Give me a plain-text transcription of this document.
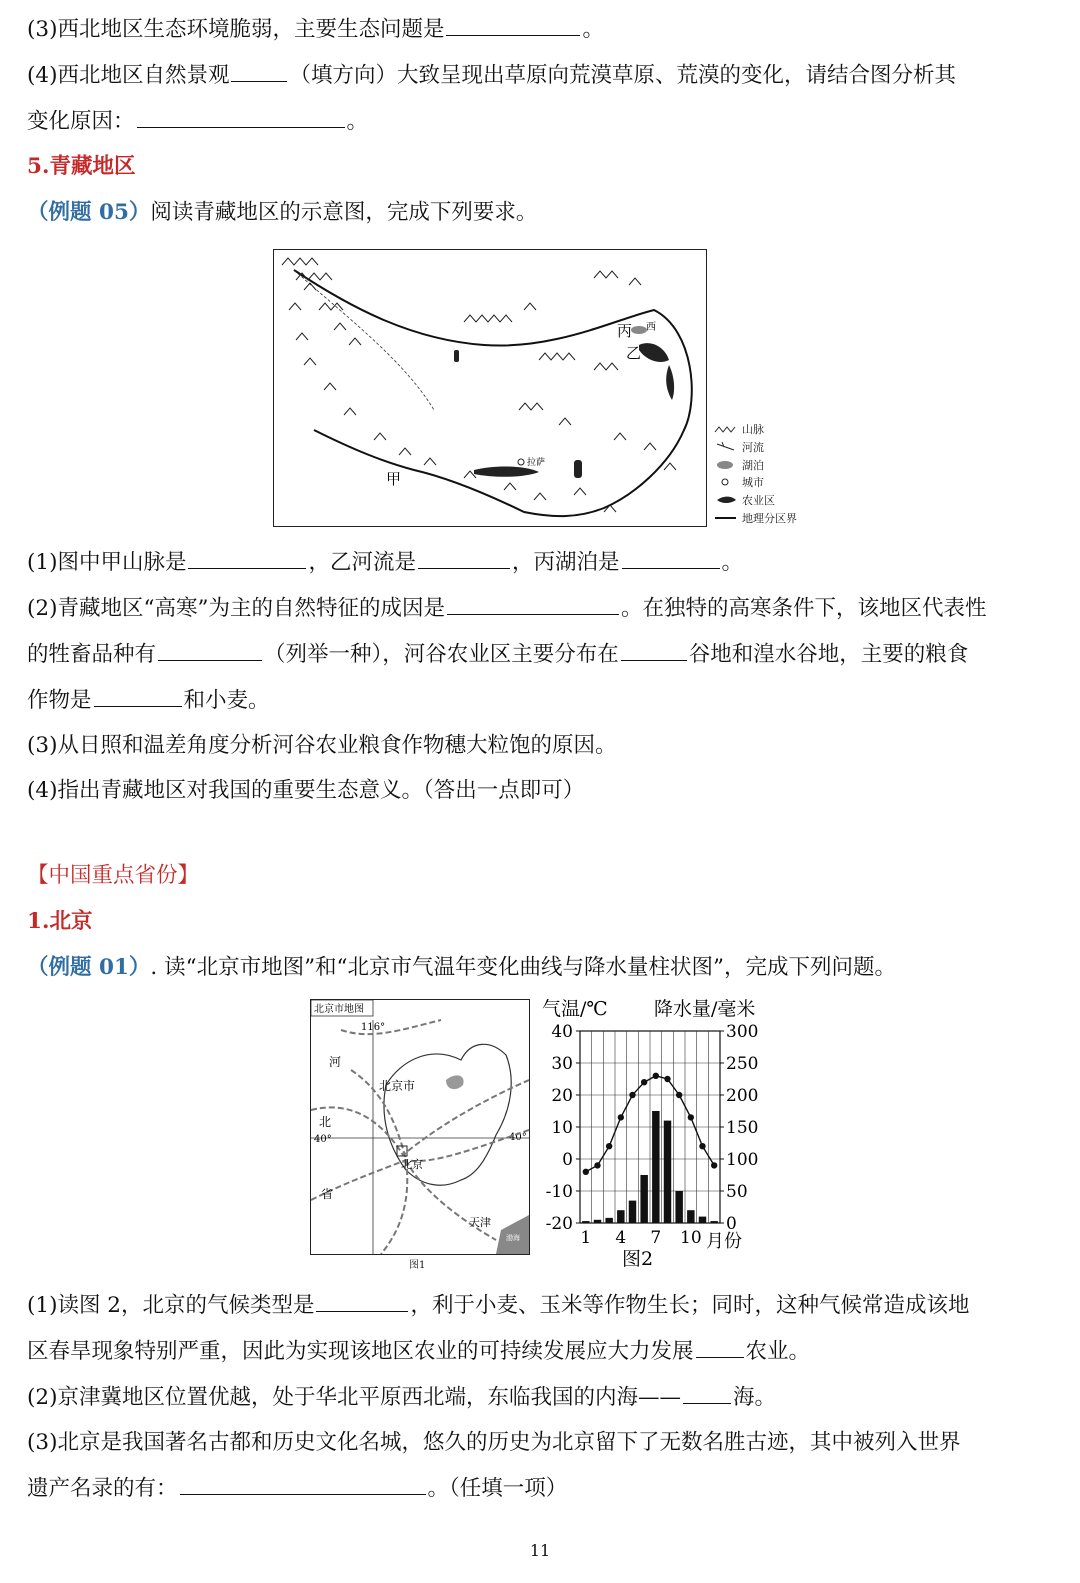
(3)西北地区生态环境脆弱，主要生态问题是	。
(4)西北地区自然景观	（填方向）大致呈现出草原向荒漠草原、荒漠的变化，请结合图分析其
变化原因：	。
5.青藏地区
（例题 05）阅读青藏地区的示意图，完成下列要求。
拉萨
丙 西
乙
甲
山脉
河流
湖泊
城市
农业区
地理分区界
(1)图中甲山脉是	，乙河流是	，丙湖泊是	。
(2)青藏地区“高寒”为主的自然特征的成因是	。在独特的高寒条件下，该地区代表性
的牲畜品种有	（列举一种），河谷农业区主要分布在	谷地和湟水谷地，主要的粮食
作物是	和小麦。
(3)从日照和温差角度分析河谷农业粮食作物穗大粒饱的原因。
(4)指出青藏地区对我国的重要生态意义。（答出一点即可）
【中国重点省份】
1.北京
（例题 01）. 读“北京市地图”和“北京市气温年变化曲线与降水量柱状图”，完成下列问题。
北京市地图
116°
40°	40°
河
北
省
北京市
北京
天津
渤海
图1
气温/℃ 降水量/毫米
40	300
30	250
20	200
10	150
0	100
-10	50
-20	0
1 4 7 10 月份
图2
(1)读图 2，北京的气候类型是	，利于小麦、玉米等作物生长；同时，这种气候常造成该地
区春旱现象特别严重，因此为实现该地区农业的可持续发展应大力发展 农业。
(2)京津冀地区位置优越，处于华北平原西北端，东临我国的内海—— 海。
(3)北京是我国著名古都和历史文化名城，悠久的历史为北京留下了无数名胜古迹，其中被列入世界
遗产名录的有：	。（任填一项）
11
